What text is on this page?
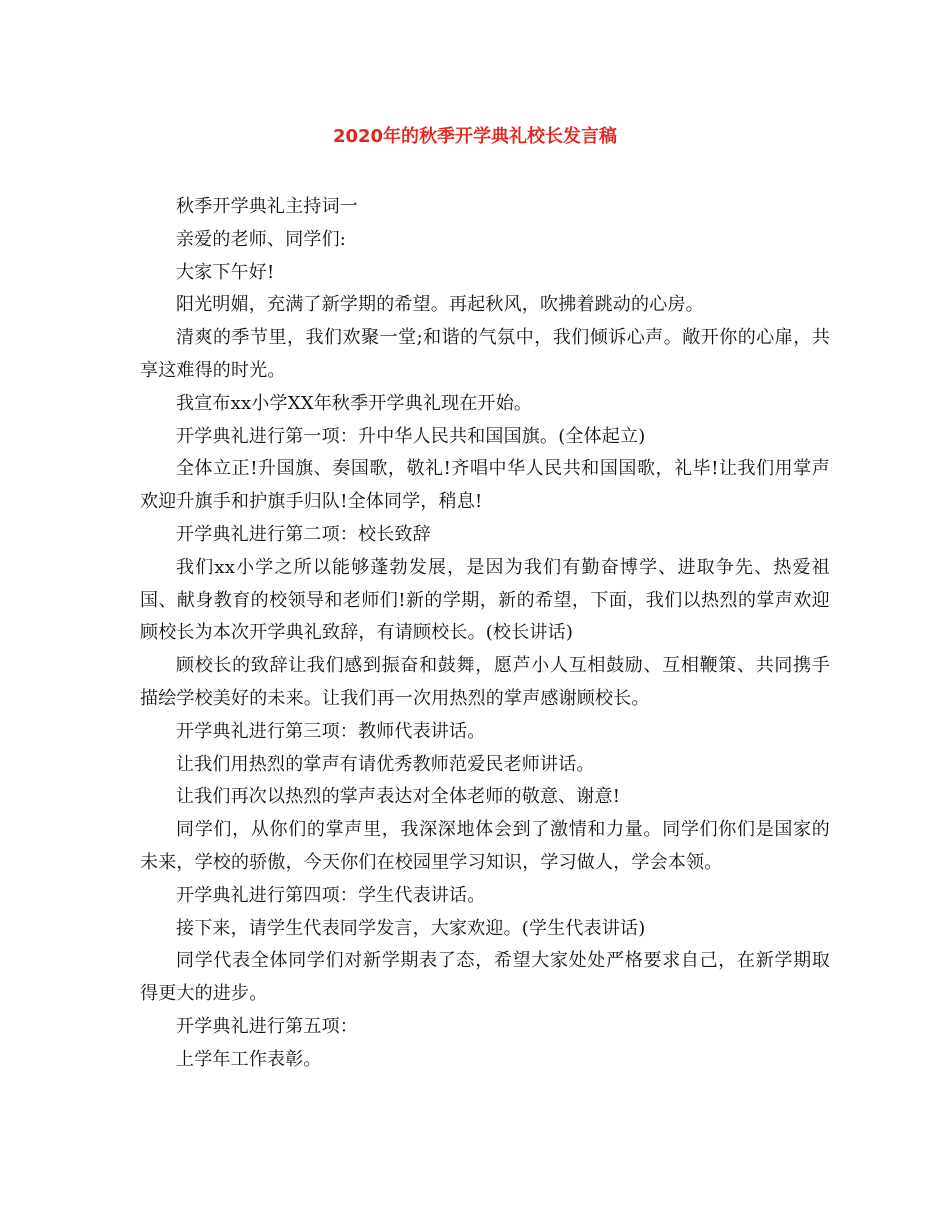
2020年的秋季开学典礼校长发言稿

秋季开学典礼主持词一

亲爱的老师、同学们:

大家下午好!

阳光明媚，充满了新学期的希望。再起秋风，吹拂着跳动的心房。

清爽的季节里，我们欢聚一堂;和谐的气氛中，我们倾诉心声。敞开你的心扉，共享这难得的时光。

我宣布xx小学XX年秋季开学典礼现在开始。

开学典礼进行第一项：升中华人民共和国国旗。(全体起立)

全体立正!升国旗、奏国歌，敬礼!齐唱中华人民共和国国歌，礼毕!让我们用掌声欢迎升旗手和护旗手归队!全体同学，稍息!

开学典礼进行第二项：校长致辞

我们xx小学之所以能够蓬勃发展，是因为我们有勤奋博学、进取争先、热爱祖国、献身教育的校领导和老师们!新的学期，新的希望，下面，我们以热烈的掌声欢迎顾校长为本次开学典礼致辞，有请顾校长。(校长讲话)

顾校长的致辞让我们感到振奋和鼓舞，愿芦小人互相鼓励、互相鞭策、共同携手描绘学校美好的未来。让我们再一次用热烈的掌声感谢顾校长。

开学典礼进行第三项：教师代表讲话。

让我们用热烈的掌声有请优秀教师范爱民老师讲话。

让我们再次以热烈的掌声表达对全体老师的敬意、谢意!

同学们，从你们的掌声里，我深深地体会到了激情和力量。同学们你们是国家的未来，学校的骄傲，今天你们在校园里学习知识，学习做人，学会本领。

开学典礼进行第四项：学生代表讲话。

接下来，请学生代表同学发言，大家欢迎。(学生代表讲话)

同学代表全体同学们对新学期表了态，希望大家处处严格要求自己，在新学期取得更大的进步。

开学典礼进行第五项：

上学年工作表彰。
